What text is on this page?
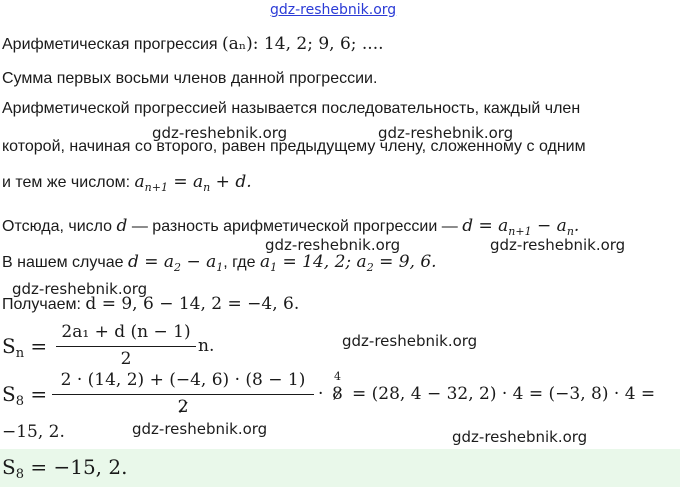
gdz-reshebnik.org
gdz-reshebnik.org	gdz-reshebnik.org
gdz-reshebnik.org	gdz-reshebnik.org
gdz-reshebnik.org
gdz-reshebnik.org
gdz-reshebnik.org	gdz-reshebnik.org
Арифметическая прогрессия (aₙ): 14, 2; 9, 6; ....
Сумма первых восьми членов данной прогрессии.
Арифметической прогрессией называется последовательность, каждый член
которой, начиная со второго, равен предыдущему члену, сложенному с одним
и тем же числом: $a_{n+1} = a_n + d$.
Отсюда, число d — разность арифметической прогрессии — $d = a_{n+1} - a_n$.
В нашем случае $d = a_2 - a_1$, где $a_1 = 14$, 2; $a_2 = 9$, 6.
Получаем: d = 9, 6 − 14, 2 = −4, 6.
$S_n$ =
2a₁ + d (n − 1)
2
n.
$S_8$ =
2 · (14, 2) + (−4, 6) · (8 − 1)
2
·
4
8 = (28, 4 − 32, 2) · 4 = (−3, 8) · 4 =
−15, 2.
$S_8 = -15$, 2.
